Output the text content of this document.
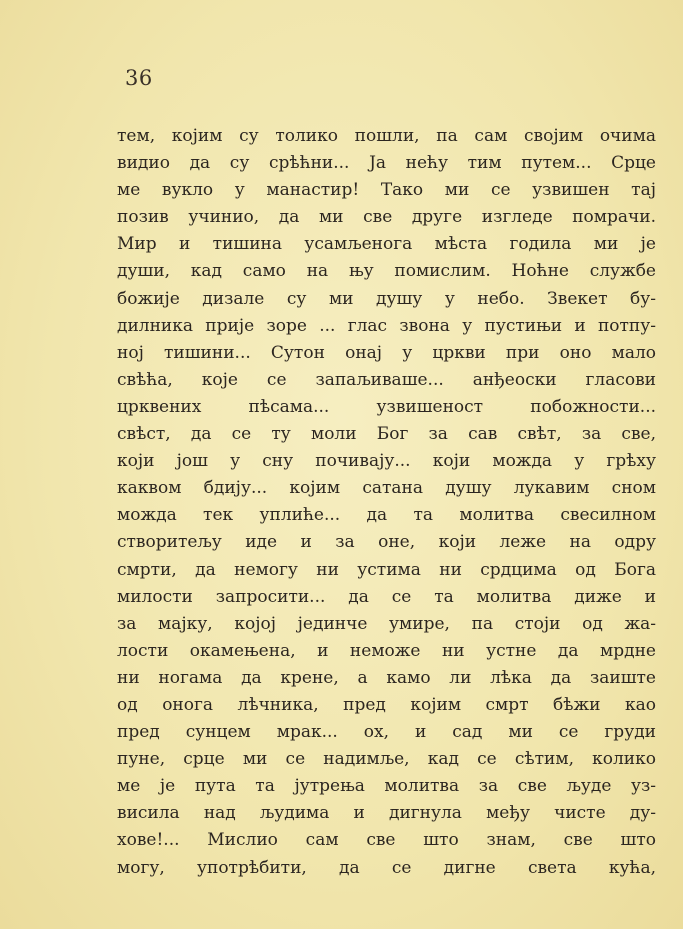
36
тем, којим су толико пошли, па сам својим очима
видио да су срѣћни... Ја нећу тим путем... Срце
ме вукло у манастир! Тако ми се узвишен тај
позив учинио, да ми све друге изгледе помрачи.
Мир и тишина усамљенога мѣста годила ми је
души, кад само на њу помислим. Ноћне службе
божије дизале су ми душу у небо. Звекет бу-
дилника прије зоре ... глас звона у пустињи и потпу-
ној тишини... Сутон онај у цркви при оно мало
свѣћа, које се запаљиваше... анђеоски гласови
црквених пѣсама... узвишеност побожности...
свѣст, да се ту моли Бог за сав свѣт, за све,
који још у сну почивају... који можда у грѣху
каквом бдију... којим сатана душу лукавим сном
можда тек уплиће... да та молитва свесилном
створитељу иде и за оне, који леже на одру
смрти, да немогу ни устима ни срдцима од Бога
милости запросити... да се та молитва диже и
за мајку, којој јединче умире, па стоји од жа-
лости окамењена, и неможе ни устне да мрдне
ни ногама да крене, а камо ли лѣка да заиште
од онога лѣчника, пред којим смрт бѣжи као
пред сунцем мрак... ох, и сад ми се груди
пуне, срце ми се надимље, кад се сѣтим, колико
ме је пута та јутрења молитва за све људе уз-
висила над људима и дигнула међу чисте ду-
хове!... Мислио сам све што знам, све што
могу, употрѣбити, да се дигне света кућа,
